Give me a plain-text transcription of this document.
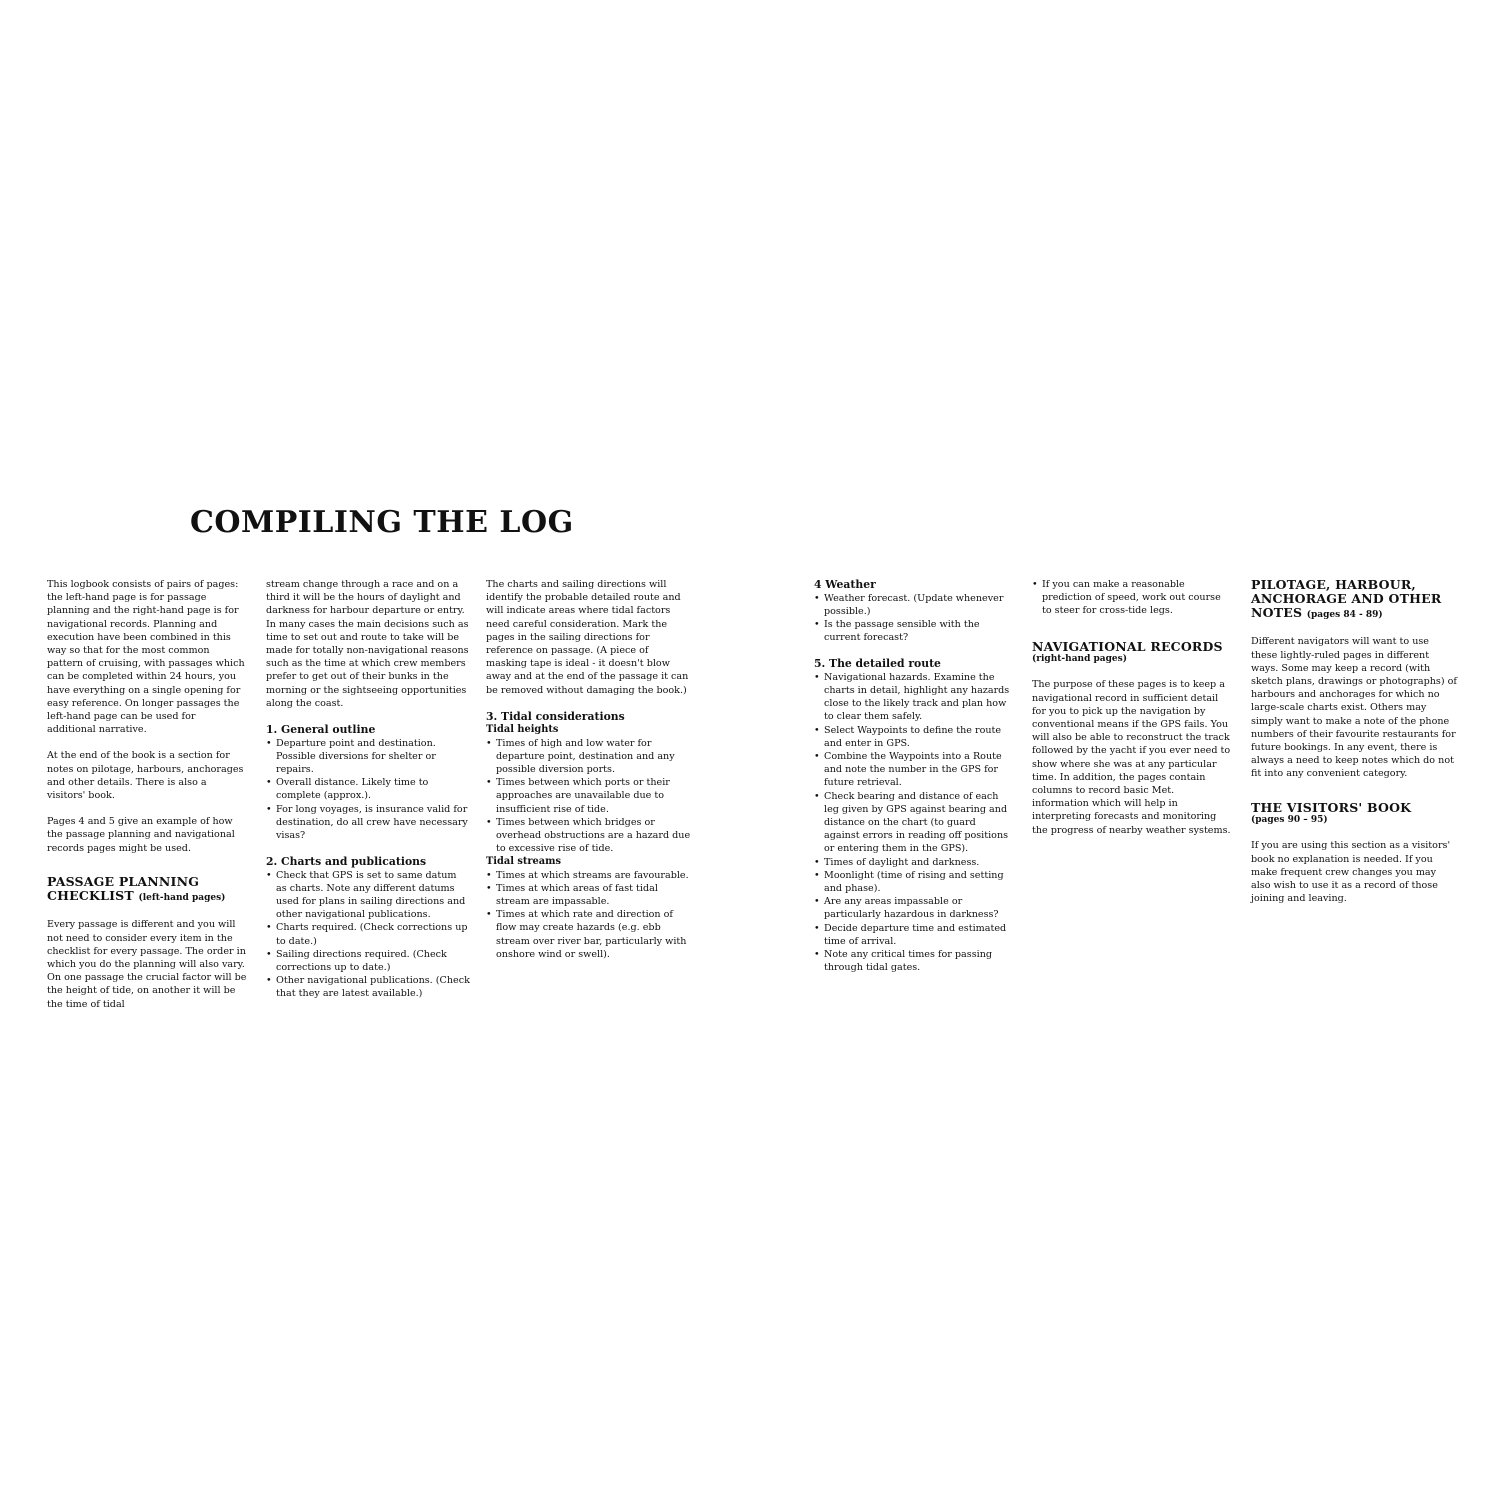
COMPILING THE LOG

This logbook consists of pairs of pages: the left-hand page is for passage planning and the right-hand page is for navigational records. Planning and execution have been combined in this way so that for the most common pattern of cruising, with passages which can be completed within 24 hours, you have everything on a single opening for easy reference. On longer passages the left-hand page can be used for additional narrative.

At the end of the book is a section for notes on pilotage, harbours, anchorages and other details. There is also a visitors' book.

Pages 4 and 5 give an example of how the passage planning and navigational records pages might be used.

PASSAGE PLANNING
CHECKLIST (left-hand pages)

Every passage is different and you will not need to consider every item in the checklist for every passage. The order in which you do the planning will also vary. On one passage the crucial factor will be the height of tide, on another it will be the time of tidal

stream change through a race and on a third it will be the hours of daylight and darkness for harbour departure or entry. In many cases the main decisions such as time to set out and route to take will be made for totally non-navigational reasons such as the time at which crew members prefer to get out of their bunks in the morning or the sightseeing opportunities along the coast.

1. General outline

• Departure point and destination. Possible diversions for shelter or repairs.
• Overall distance. Likely time to complete (approx.).
• For long voyages, is insurance valid for destination, do all crew have necessary visas?

2. Charts and publications

• Check that GPS is set to same datum as charts. Note any different datums used for plans in sailing directions and other navigational publications.
• Charts required. (Check corrections up to date.)
• Sailing directions required. (Check corrections up to date.)
• Other navigational publications. (Check that they are latest available.)

The charts and sailing directions will identify the probable detailed route and will indicate areas where tidal factors need careful consideration. Mark the pages in the sailing directions for reference on passage. (A piece of masking tape is ideal - it doesn't blow away and at the end of the passage it can be removed without damaging the book.)

3. Tidal considerations

Tidal heights

• Times of high and low water for departure point, destination and any possible diversion ports.
• Times between which ports or their approaches are unavailable due to insufficient rise of tide.
• Times between which bridges or overhead obstructions are a hazard due to excessive rise of tide.

Tidal streams

• Times at which streams are favourable.
• Times at which areas of fast tidal stream are impassable.
• Times at which rate and direction of flow may create hazards (e.g. ebb stream over river bar, particularly with onshore wind or swell).

4 Weather

• Weather forecast. (Update whenever possible.)
• Is the passage sensible with the current forecast?

5. The detailed route

• Navigational hazards. Examine the charts in detail, highlight any hazards close to the likely track and plan how to clear them safely.
• Select Waypoints to define the route and enter in GPS.
• Combine the Waypoints into a Route and note the number in the GPS for future retrieval.
• Check bearing and distance of each leg given by GPS against bearing and distance on the chart (to guard against errors in reading off positions or entering them in the GPS).
• Times of daylight and darkness.
• Moonlight (time of rising and setting and phase).
• Are any areas impassable or particularly hazardous in darkness?
• Decide departure time and estimated time of arrival.
• Note any critical times for passing through tidal gates.
• If you can make a reasonable prediction of speed, work out course to steer for cross-tide legs.
NAVIGATIONAL RECORDS
(right-hand pages)

The purpose of these pages is to keep a navigational record in sufficient detail for you to pick up the navigation by conventional means if the GPS fails. You will also be able to reconstruct the track followed by the yacht if you ever need to show where she was at any particular time. In addition, the pages contain columns to record basic Met. information which will help in interpreting forecasts and monitoring the progress of nearby weather systems.

PILOTAGE, HARBOUR,
ANCHORAGE AND OTHER
NOTES (pages 84 - 89)

Different navigators will want to use these lightly-ruled pages in different ways. Some may keep a record (with sketch plans, drawings or photographs) of harbours and anchorages for which no large-scale charts exist. Others may simply want to make a note of the phone numbers of their favourite restaurants for future bookings. In any event, there is always a need to keep notes which do not fit into any convenient category.

THE VISITORS' BOOK
(pages 90 – 95)

If you are using this section as a visitors' book no explanation is needed. If you make frequent crew changes you may also wish to use it as a record of those joining and leaving.
